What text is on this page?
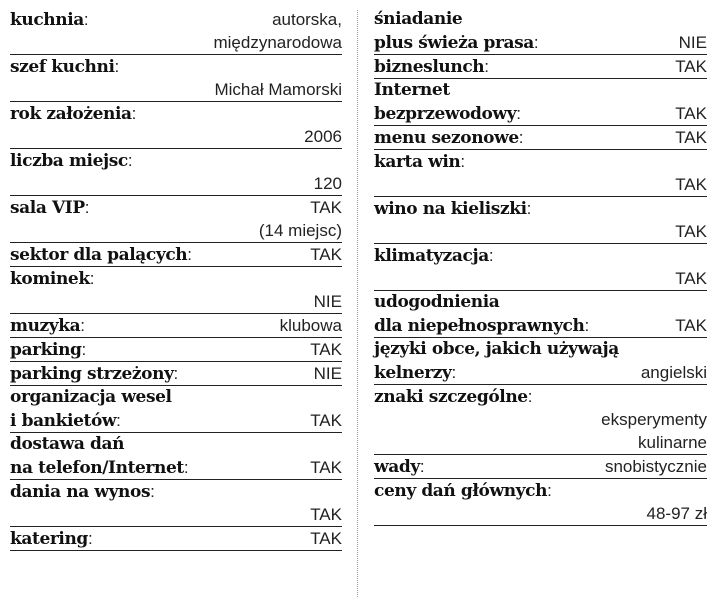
kuchnia:	autorska,
międzynarodowa
szef kuchni:
Michał Mamorski
rok założenia:
2006
liczba miejsc:
120
sala VIP:	TAK
(14 miejsc)
sektor dla palących:	TAK
kominek:
NIE
muzyka:	klubowa
parking:	TAK
parking strzeżony:	NIE
organizacja wesel
i bankietów:	TAK
dostawa dań
na telefon/Internet:	TAK
dania na wynos:
TAK
katering:	TAK
śniadanie
plus świeża prasa:	NIE
bizneslunch:	TAK
Internet
bezprzewodowy:	TAK
menu sezonowe:	TAK
karta win:
TAK
wino na kieliszki:
TAK
klimatyzacja:
TAK
udogodnienia
dla niepełnosprawnych:	TAK
języki obce, jakich używają
kelnerzy:	angielski
znaki szczególne:
eksperymenty
kulinarne
wady:	snobistycznie
ceny dań głównych:
48-97 zł
